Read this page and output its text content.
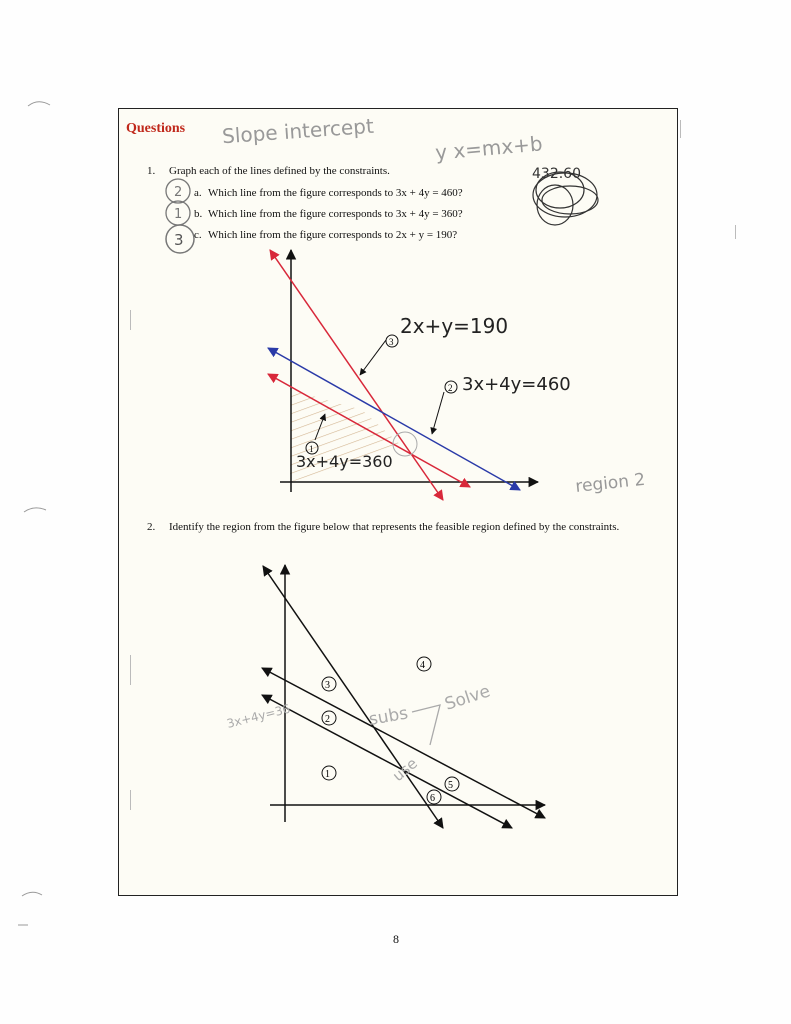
Questions Slope intercept	y x=mx+b
432.60
1. Graph each of the lines defined by the constraints.
a. Which line from the figure corresponds to 3x + 4y = 460?
b. Which line from the figure corresponds to 3x + 4y = 360?
c. Which line from the figure corresponds to 2x + y = 190?
2. Identify the region from the figure below that represents the feasible region defined by the constraints.
8
2
1
3
3
2
1
2x+y=190
3x+4y=460
3x+4y=360
region 2
1
2
3
4
5
6
3x+4y=36	subs
Solve
use
